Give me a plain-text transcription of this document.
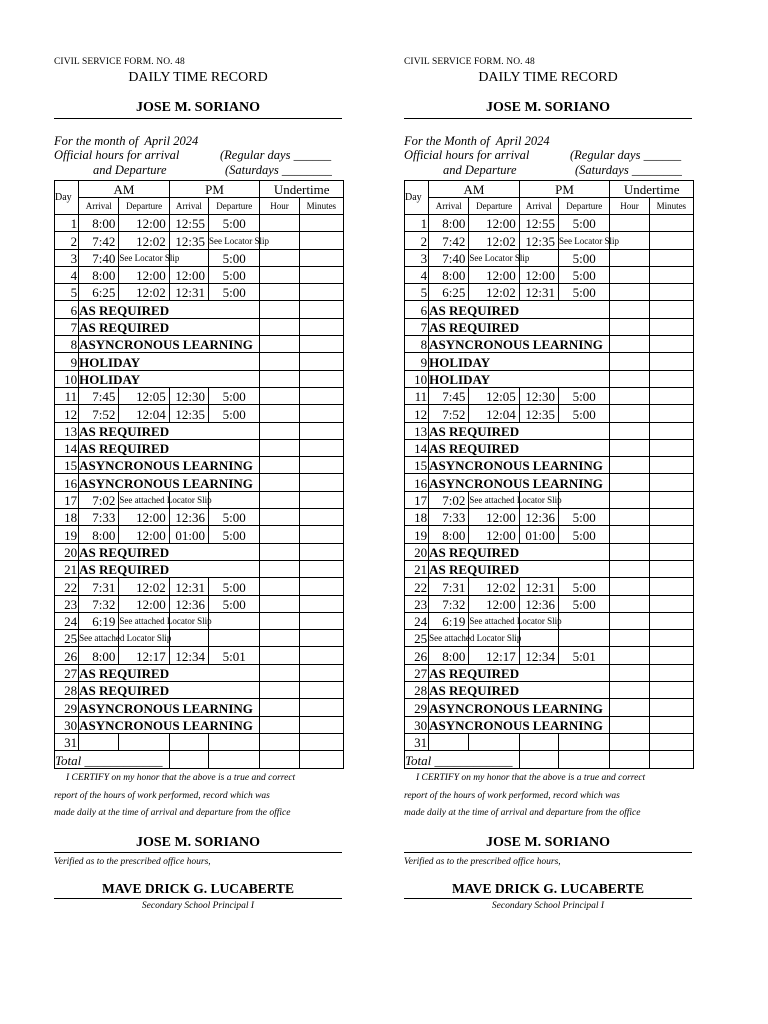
CIVIL SERVICE FORM. NO. 48
DAILY TIME RECORD
JOSE M. SORIANO
For the month of  April 2024
Official hours for arrival	(Regular days ______
and Departure	(Saturdays ________
Day	AM		PM		Undertime	
	Arrival	Departure	Arrival	Departure	Hour	Minutes
1	8:00	12:00	12:55	5:00		
2	7:42	12:02	12:35	See Locator Slip		
3	7:40	See Locator Slip		5:00		
4	8:00	12:00	12:00	5:00		
5	6:25	12:02	12:31	5:00		
6	AS REQUIRED					
7	AS REQUIRED					
8	ASYNCRONOUS LEARNING					
9	HOLIDAY					
10	HOLIDAY					
11	7:45	12:05	12:30	5:00		
12	7:52	12:04	12:35	5:00		
13	AS REQUIRED					
14	AS REQUIRED					
15	ASYNCRONOUS LEARNING					
16	ASYNCRONOUS LEARNING					
17	7:02	See attached Locator Slip				
18	7:33	12:00	12:36	5:00		
19	8:00	12:00	01:00	5:00		
20	AS REQUIRED					
21	AS REQUIRED					
22	7:31	12:02	12:31	5:00		
23	7:32	12:00	12:36	5:00		
24	6:19	See attached Locator Slip				
25	See attached Locator Slip					
26	8:00	12:17	12:34	5:01		
27	AS REQUIRED					
28	AS REQUIRED					
29	ASYNCRONOUS LEARNING					
30	ASYNCRONOUS LEARNING					
31						
Total ____________						
I CERTIFY on my honor that the above is a true and correct
report of the hours of work performed, record which was
made daily at the time of arrival and departure from the office
JOSE M. SORIANO
Verified as to the prescribed office hours,
MAVE DRICK G. LUCABERTE
Secondary School Principal I
CIVIL SERVICE FORM. NO. 48
DAILY TIME RECORD
JOSE M. SORIANO
For the Month of  April 2024
Official hours for arrival	(Regular days ______
and Departure	(Saturdays ________
Day	AM		PM		Undertime	
	Arrival	Departure	Arrival	Departure	Hour	Minutes
1	8:00	12:00	12:55	5:00		
2	7:42	12:02	12:35	See Locator Slip		
3	7:40	See Locator Slip		5:00		
4	8:00	12:00	12:00	5:00		
5	6:25	12:02	12:31	5:00		
6	AS REQUIRED					
7	AS REQUIRED					
8	ASYNCRONOUS LEARNING					
9	HOLIDAY					
10	HOLIDAY					
11	7:45	12:05	12:30	5:00		
12	7:52	12:04	12:35	5:00		
13	AS REQUIRED					
14	AS REQUIRED					
15	ASYNCRONOUS LEARNING					
16	ASYNCRONOUS LEARNING					
17	7:02	See attached Locator Slip				
18	7:33	12:00	12:36	5:00		
19	8:00	12:00	01:00	5:00		
20	AS REQUIRED					
21	AS REQUIRED					
22	7:31	12:02	12:31	5:00		
23	7:32	12:00	12:36	5:00		
24	6:19	See attached Locator Slip				
25	See attached Locator Slip					
26	8:00	12:17	12:34	5:01		
27	AS REQUIRED					
28	AS REQUIRED					
29	ASYNCRONOUS LEARNING					
30	ASYNCRONOUS LEARNING					
31						
Total ____________						
I CERTIFY on my honor that the above is a true and correct
report of the hours of work performed, record which was
made daily at the time of arrival and departure from the office
JOSE M. SORIANO
Verified as to the prescribed office hours,
MAVE DRICK G. LUCABERTE
Secondary School Principal I
